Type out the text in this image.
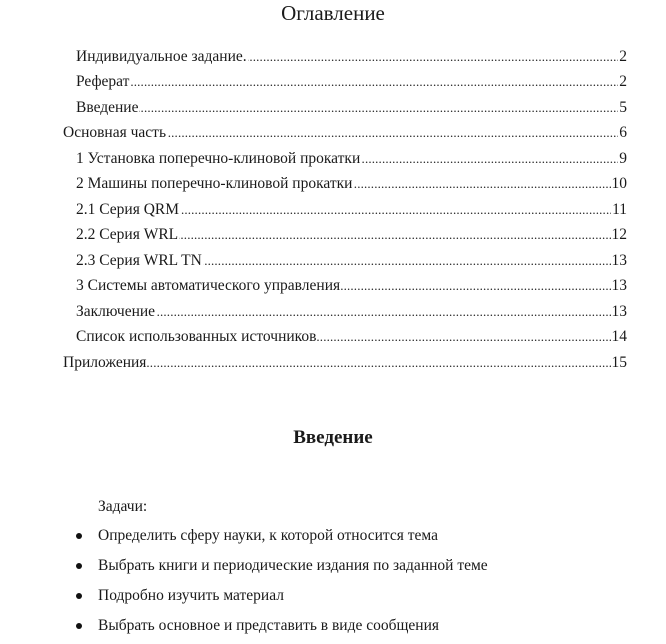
Оглавление
Индивидуальное задание. . . .	2
Реферат . . .	2
Введение . . .	5
Основная часть . . .	6
1 Установка поперечно-клиновой прокатки . . .	9
2 Машины поперечно-клиновой прокатки . . .	10
2.1 Серия QRM . . .	11
2.2 Серия WRL . . .	12
2.3 Серия WRL TN . . .	13
3 Системы автоматического управления . . .	13
Заключение . . .	13
Список использованных источников . . .	14
Приложения . . .	15
Введение
Задачи:
Определить сферу науки, к которой относится тема
Выбрать книги и периодические издания по заданной теме
Подробно изучить материал
Выбрать основное и представить в виде сообщения
